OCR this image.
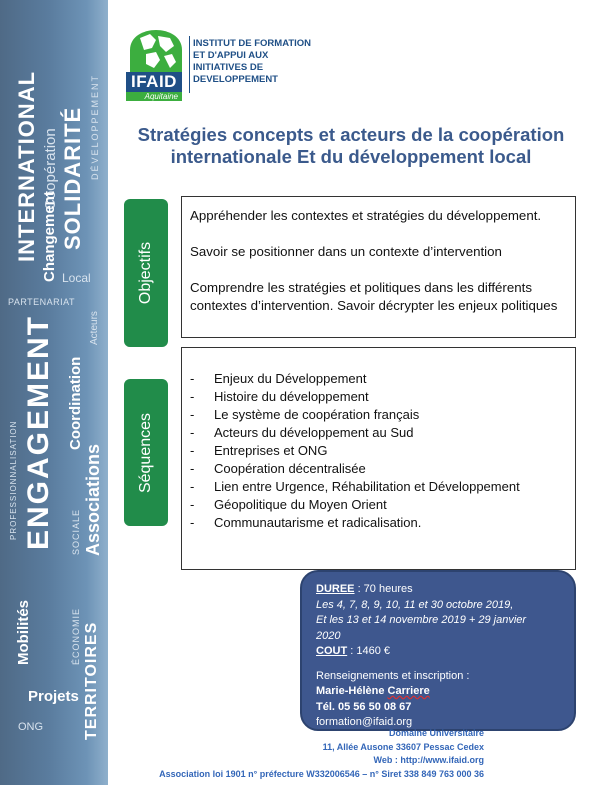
INTERNATIONAL Coopération	DÉVELOPPEMENT
Changement SOLIDARITÉ
Local
PARTENARIAT
Acteurs
PROFESSIONNALISATION ENGAGEMENT Coordination
Associations
Mobilités
SOCIALE
ÉCONOMIE TERRITOIRES
Projets
ONG
IFAID
Aquitaine
INSTITUT DE FORMATION
ET D'APPUI AUX
INITIATIVES DE
DEVELOPPEMENT
Stratégies concepts et acteurs de la coopération
internationale Et du développement local
Objectifs

Appréhender les contextes et stratégies du développement.

Savoir se positionner dans un contexte d’intervention

Comprendre les stratégies et politiques dans les différents contextes d’intervention. Savoir décrypter les enjeux politiques

Séquences
- Enjeux du Développement
- Histoire du développement
- Le système de coopération français
- Acteurs du développement au Sud
- Entreprises et ONG
- Coopération décentralisée
- Lien entre Urgence, Réhabilitation et Développement
- Géopolitique du Moyen Orient
- Communautarisme et radicalisation.
DUREE : 70 heures
Les 4, 7, 8, 9, 10, 11 et 30 octobre 2019,
Et les 13 et 14 novembre 2019 + 29 janvier
2020
COUT : 1460 €
Renseignements et inscription :
Marie-Hélène Carriere
Tél. 05 56 50 08 67
formation@ifaid.org
Domaine Universitaire
11, Allée Ausone 33607 Pessac Cedex
Web : http://www.ifaid.org
Association loi 1901 n° préfecture W332006546 – n° Siret 338 849 763 000 36
